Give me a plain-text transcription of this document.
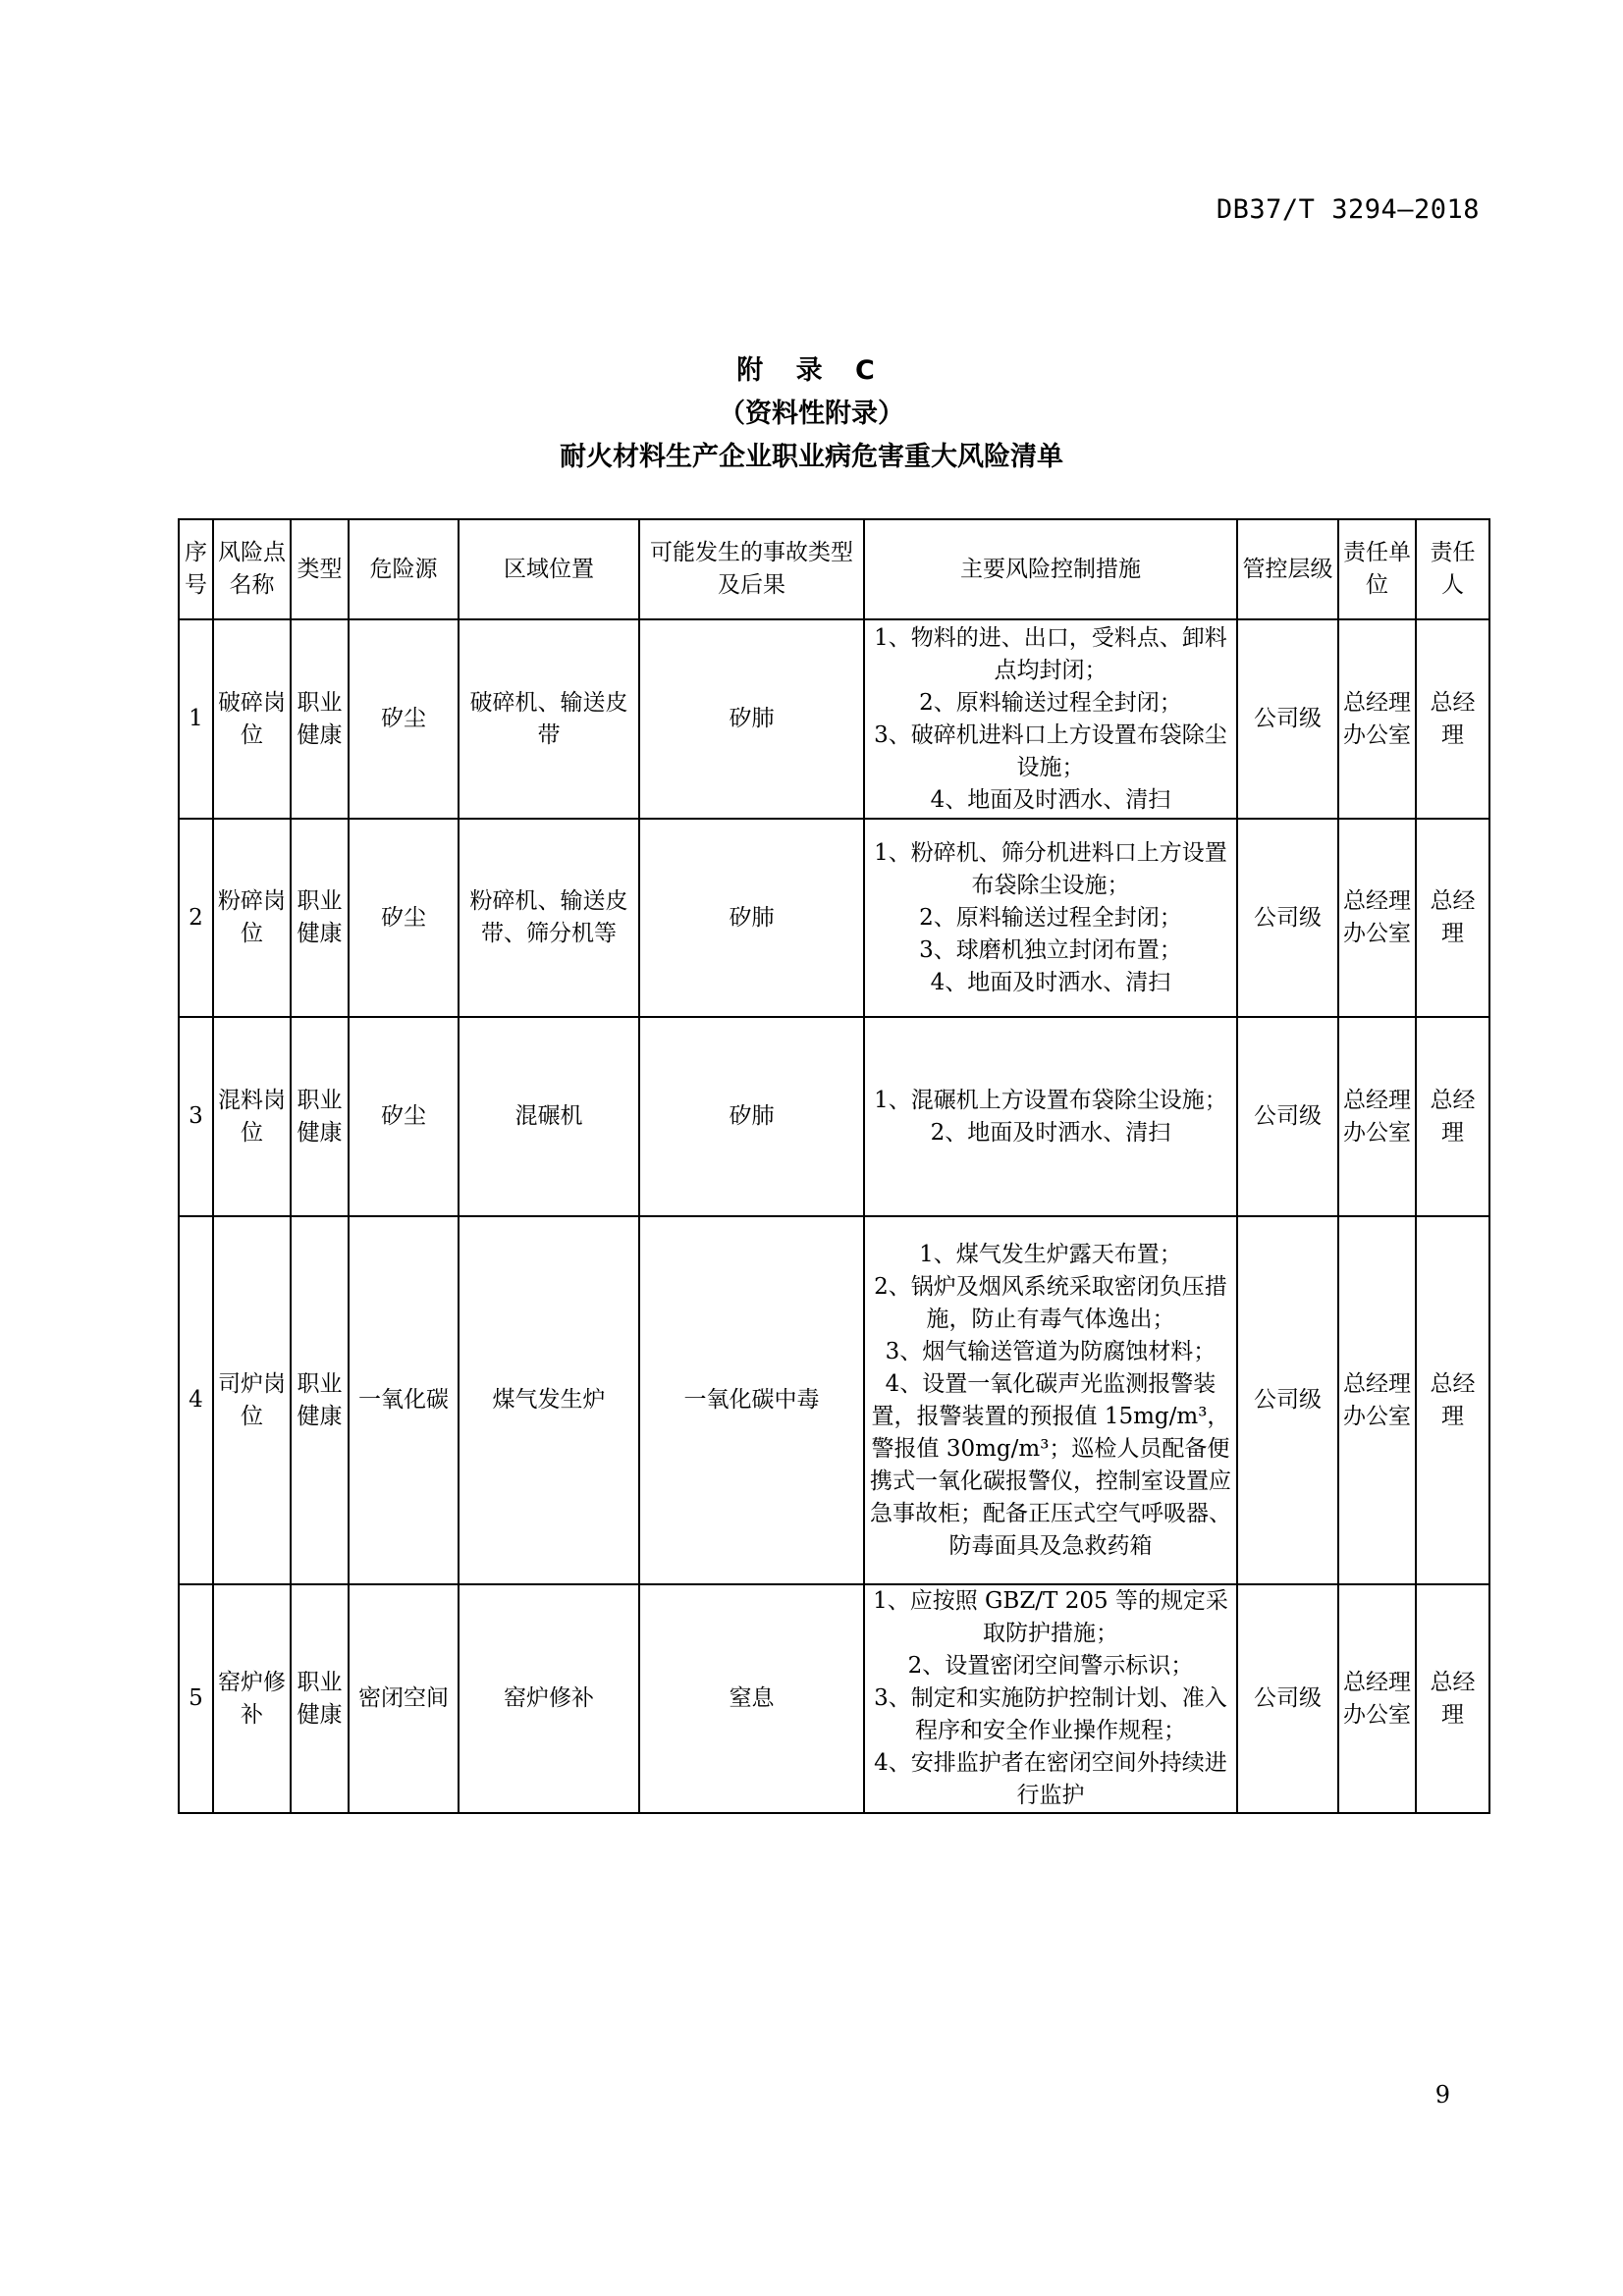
DB37/T 3294—2018
附 录 C
（资料性附录）
耐火材料生产企业职业病危害重大风险清单
序号	风险点名称	类型	危险源	区域位置	可能发生的事故类型及后果	主要风险控制措施	管控层级	责任单位	责任人
1	破碎岗位	职业健康	矽尘	破碎机、输送皮带	矽肺	1、物料的进、出口，受料点、卸料点均封闭；
2、原料输送过程全封闭；
3、破碎机进料口上方设置布袋除尘设施；
4、地面及时洒水、清扫	公司级	总经理办公室	总经理
2	粉碎岗位	职业健康	矽尘	粉碎机、输送皮带、筛分机等	矽肺	1、粉碎机、筛分机进料口上方设置布袋除尘设施；
2、原料输送过程全封闭；
3、球磨机独立封闭布置；
4、地面及时洒水、清扫	公司级	总经理办公室	总经理
3	混料岗位	职业健康	矽尘	混碾机	矽肺	1、混碾机上方设置布袋除尘设施；
2、地面及时洒水、清扫	公司级	总经理办公室	总经理
4	司炉岗位	职业健康	一氧化碳	煤气发生炉	一氧化碳中毒	1、煤气发生炉露天布置；
2、锅炉及烟风系统采取密闭负压措施，防止有毒气体逸出；
3、烟气输送管道为防腐蚀材料；
4、设置一氧化碳声光监测报警装置，报警装置的预报值 15mg/m³，警报值 30mg/m³；巡检人员配备便携式一氧化碳报警仪，控制室设置应急事故柜；配备正压式空气呼吸器、防毒面具及急救药箱	公司级	总经理办公室	总经理
5	窑炉修补	职业健康	密闭空间	窑炉修补	窒息	1、应按照 GBZ/T 205 等的规定采取防护措施；
2、设置密闭空间警示标识；
3、制定和实施防护控制计划、准入程序和安全作业操作规程；
4、安排监护者在密闭空间外持续进行监护	公司级	总经理办公室	总经理
9
